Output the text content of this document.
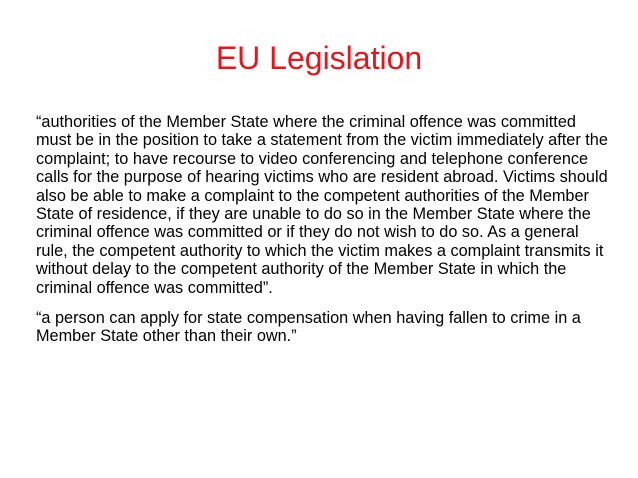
EU Legislation

“authorities of the Member State where the criminal offence was committed must be in the position to take a statement from the victim immediately after the complaint; to have recourse to video conferencing and telephone conference calls for the purpose of hearing victims who are resident abroad. Victims should also be able to make a complaint to the competent authorities of the Member State of residence, if they are unable to do so in the Member State where the criminal offence was committed or if they do not wish to do so. As a general rule, the competent authority to which the victim makes a complaint transmits it without delay to the competent authority of the Member State in which the criminal offence was committed”.

“a person can apply for state compensation when having fallen to crime in a Member State other than their own.”
